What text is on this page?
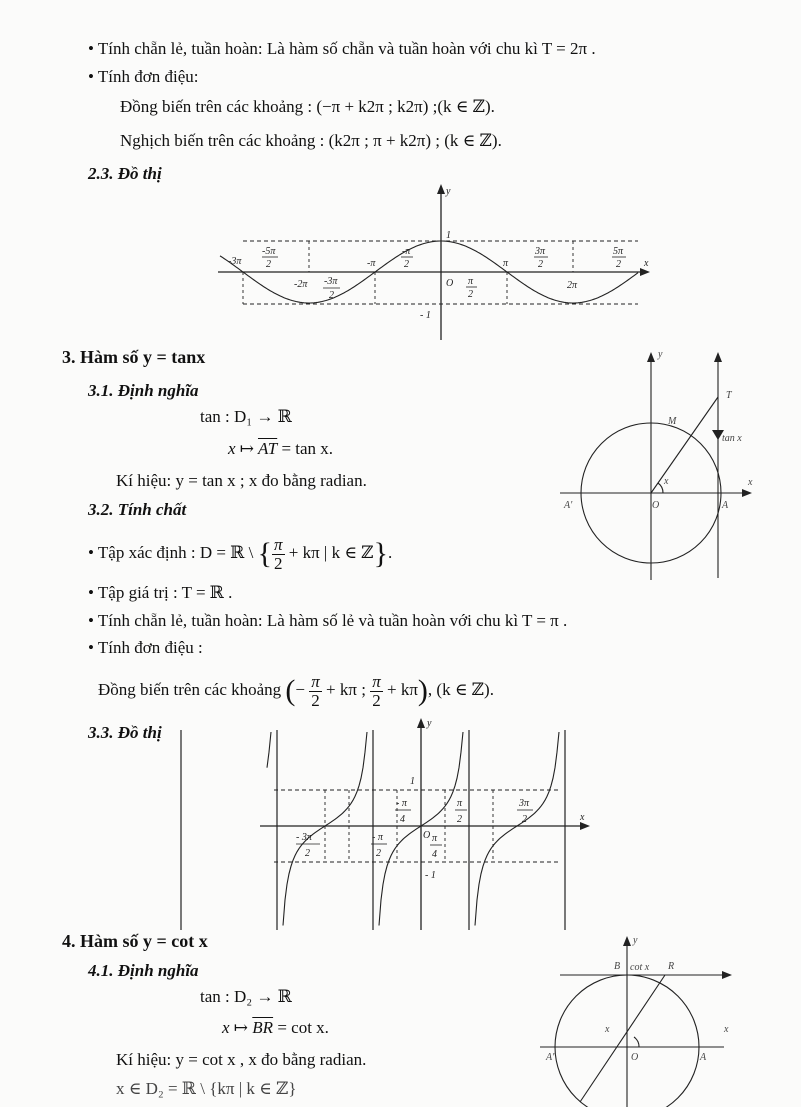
• Tính chẵn lẻ, tuần hoàn: Là hàm số chẵn và tuần hoàn với chu kì T = 2π .
• Tính đơn điệu:
Đồng biến trên các khoảng : (−π + k2π ; k2π) ;(k ∈ ℤ).
Nghịch biến trên các khoảng : (k2π ; π + k2π) ; (k ∈ ℤ).
2.3. Đồ thị
y
x
1
- 1
O
-3π
-5π
2
-2π -3π
2
-π
-π
2
π
2
π
3π
2
2π
5π
2
3. Hàm số y = tanx
3.1. Định nghĩa
tan : D₁ → ℝ
x ↦ $\overline{AT} = \tan x$.
Kí hiệu: y = tan x ; x đo bằng radian.
3.2. Tính chất
• Tập xác định : D = ℝ \ { $\frac{\pi}{2} + k\pi$ | k ∈ ℤ}.
• Tập giá trị : T = ℝ .
• Tính chẵn lẻ, tuần hoàn: Là hàm số lẻ và tuần hoàn với chu kì T = π .
• Tính đơn điệu :
Đồng biến trên các khoảng (− $\frac{\pi}{2} + k\pi$ ; $\frac{\pi}{2} + k\pi$), (k ∈ ℤ).
3.3. Đồ thị
y
x
T
M
tan x
x
O	A
A'
y
x
1
- 1
O
- 3π
2
- π
2
- π
4
π
4
π
2
3π
2
4. Hàm số y = cot x
4.1. Định nghĩa
tan : D₂ → ℝ
x ↦ $\overline{BR} = \cot x$.
Kí hiệu: y = cot x , x đo bằng radian.
x ∈ D₂ = ℝ \ {kπ | k ∈ ℤ}
y
x
B cot x R
x
O	A
A'
